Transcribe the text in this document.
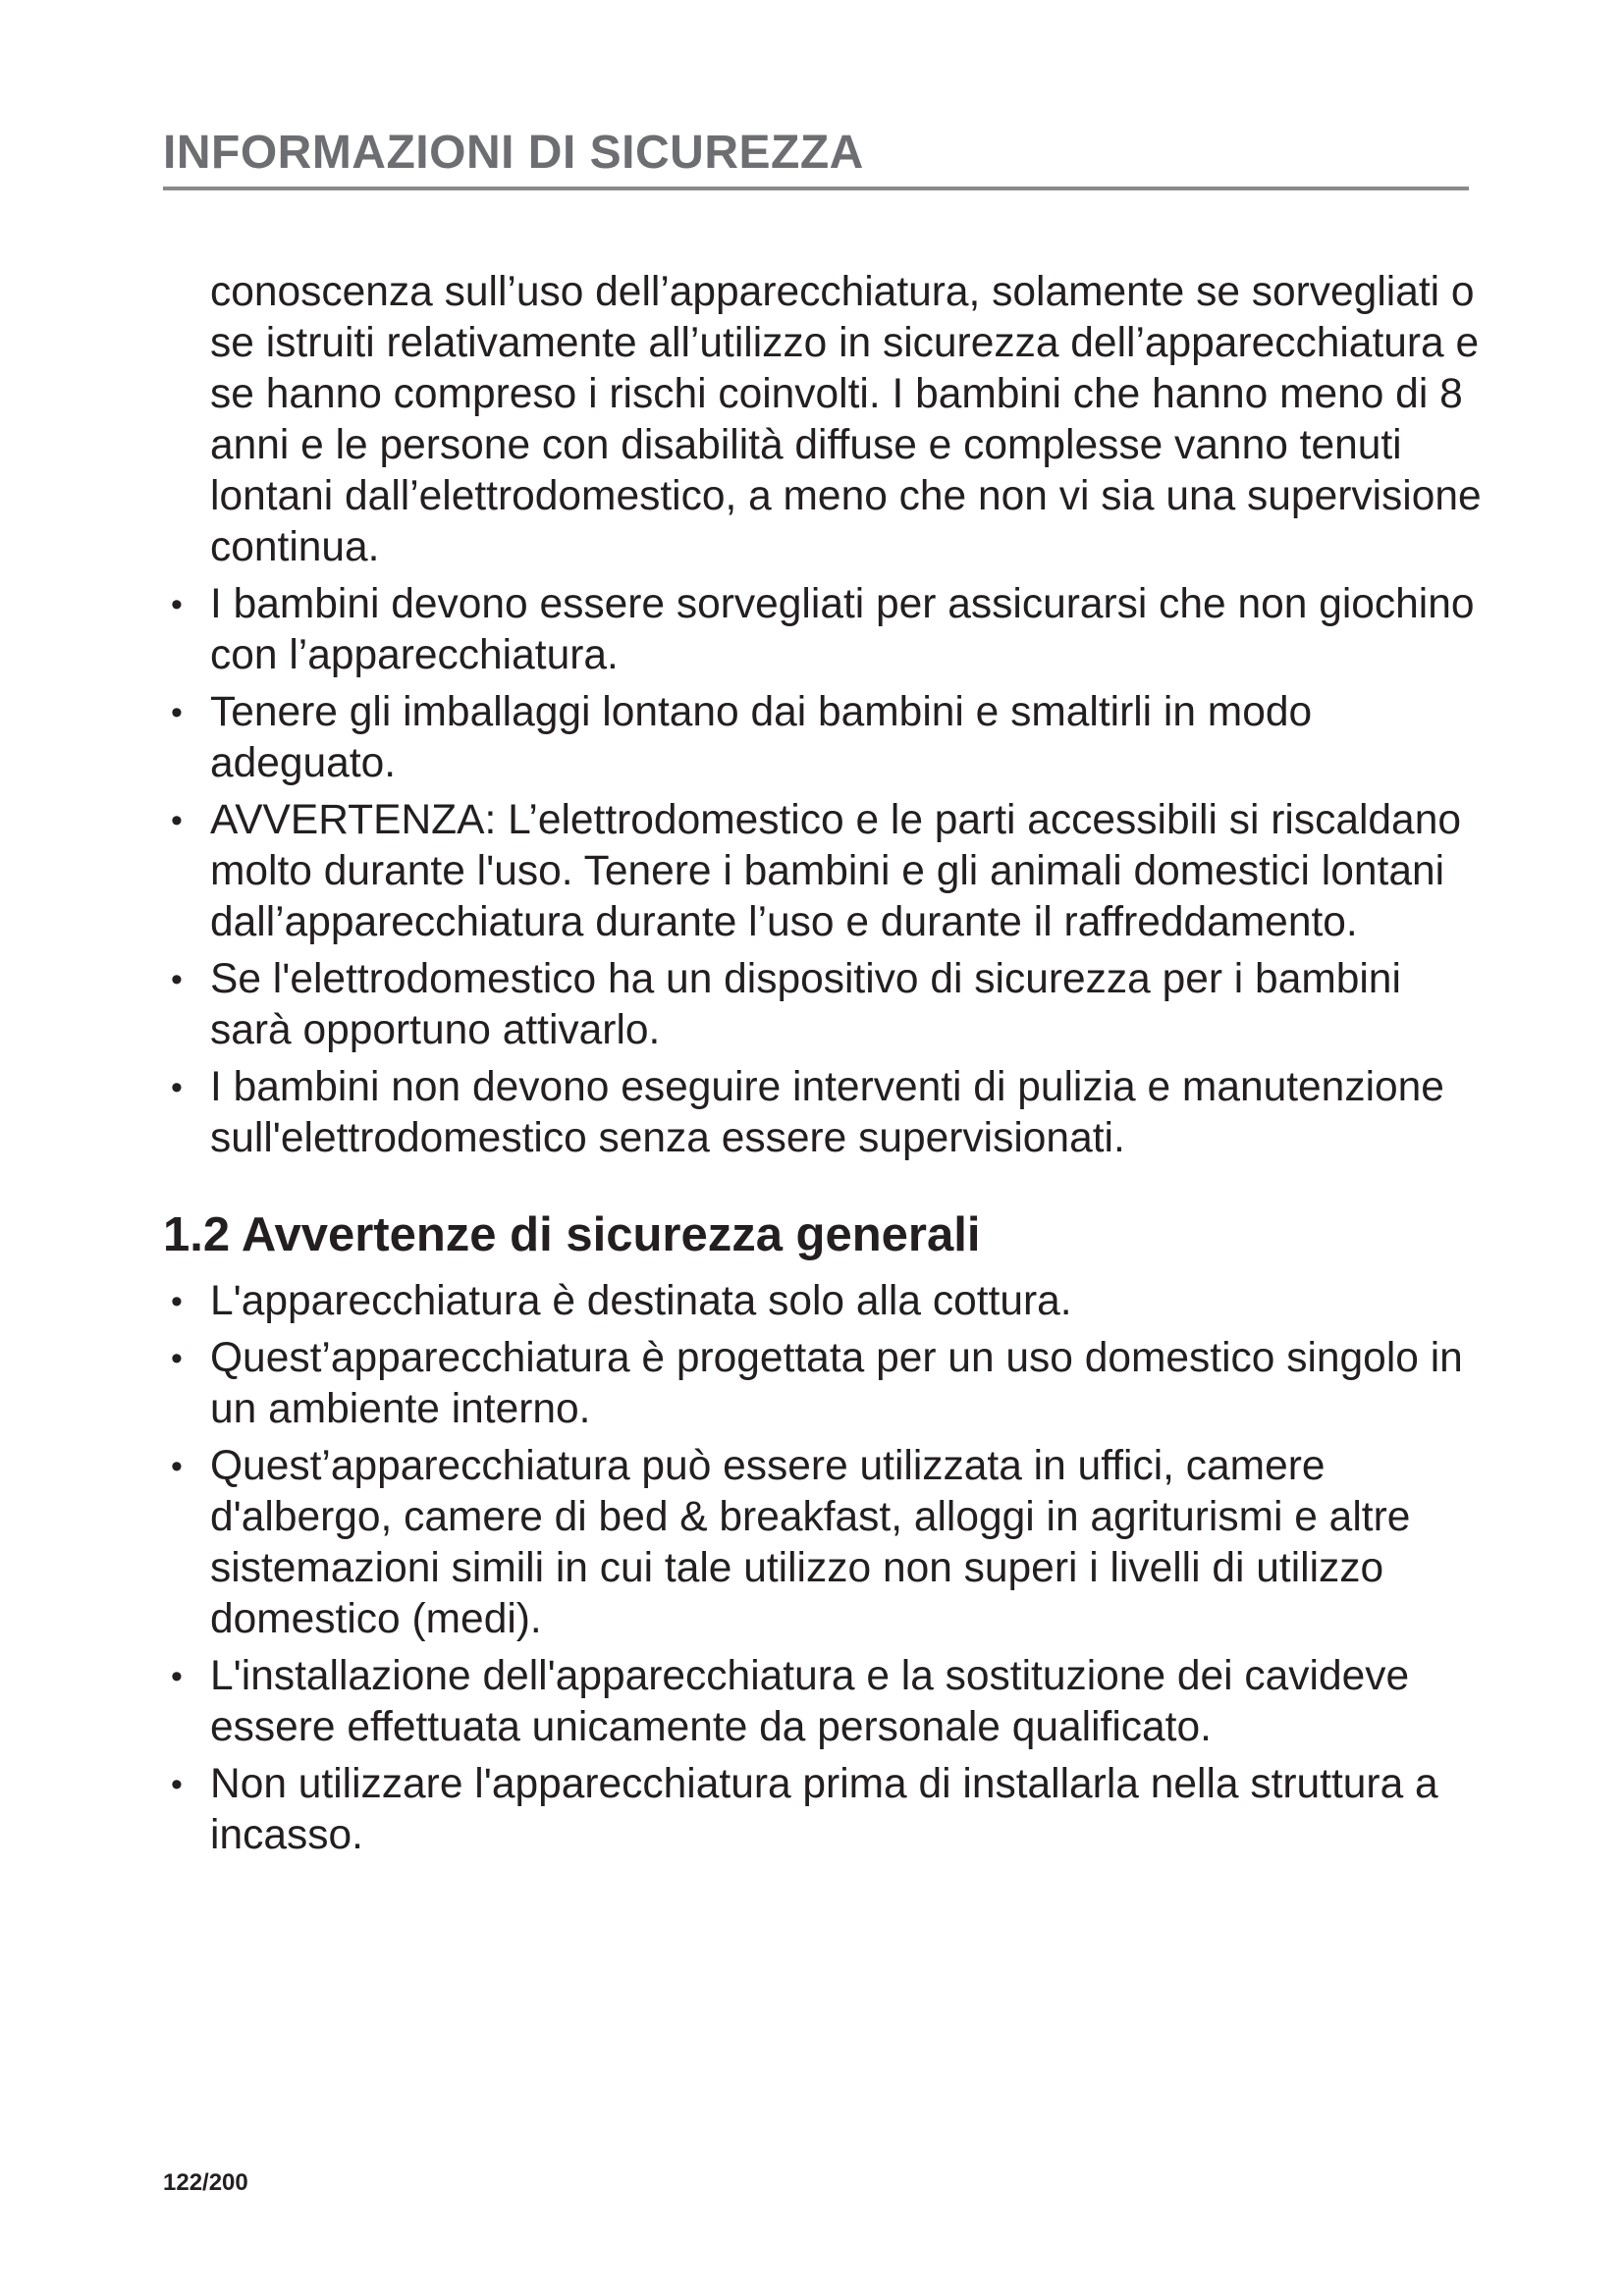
INFORMAZIONI DI SICUREZZA

conoscenza sull’uso dell’apparecchiatura, solamente se sorvegliati o se istruiti relativamente all’utilizzo in sicurezza dell’apparecchiatura e se hanno compreso i rischi coinvolti. I bambini che hanno meno di 8 anni e le persone con disabilità diffuse e complesse vanno tenuti lontani dall’elettrodomestico, a meno che non vi sia una supervisione continua.

• I bambini devono essere sorvegliati per assicurarsi che non giochino con l’apparecchiatura.
• Tenere gli imballaggi lontano dai bambini e smaltirli in modo adeguato.
• AVVERTENZA: L’elettrodomestico e le parti accessibili si riscaldano molto durante l'uso. Tenere i bambini e gli animali domestici lontani dall’apparecchiatura durante l’uso e durante il raffreddamento.
• Se l'elettrodomestico ha un dispositivo di sicurezza per i bambini sarà opportuno attivarlo.
• I bambini non devono eseguire interventi di pulizia e manutenzione sull'elettrodomestico senza essere supervisionati.
1.2 Avvertenze di sicurezza generali
• L'apparecchiatura è destinata solo alla cottura.
• Quest’apparecchiatura è progettata per un uso domestico singolo in un ambiente interno.
• Quest’apparecchiatura può essere utilizzata in uffici, camere d'albergo, camere di bed & breakfast, alloggi in agriturismi e altre sistemazioni simili in cui tale utilizzo non superi i livelli di utilizzo domestico (medi).
• L'installazione dell'apparecchiatura e la sostituzione dei cavideve essere effettuata unicamente da personale qualificato.
• Non utilizzare l'apparecchiatura prima di installarla nella struttura a incasso.
122/200
